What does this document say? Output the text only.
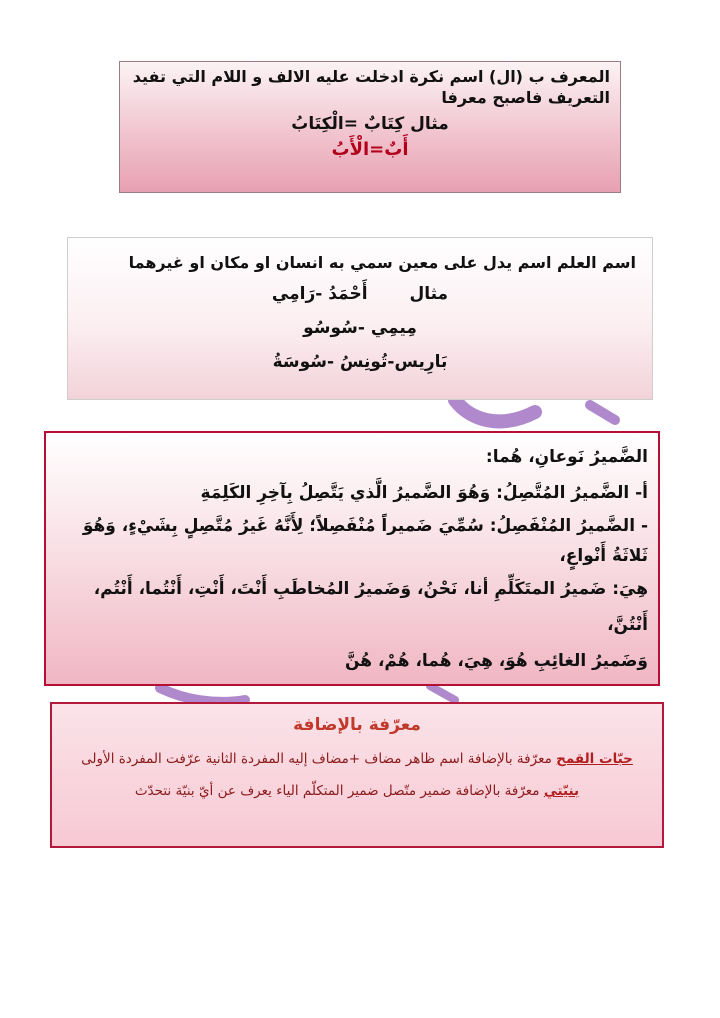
المعرف ب (ال) اسم نكرة ادخلت عليه الالف و اللام التي تفيد
التعريف فاصبح معرفا
مثال كِتَابٌ =الْكِتَابُ
أَبٌ=الْأَبُ
اسم العلم اسم يدل على معين سمي به انسان او مكان او غيرهما
مثال أَحْمَدُ -رَامِي
مِيمِي -سُوسُو
بَارِيس-تُونِسُ -سُوسَةُ
الضَّميرُ نَوعانِ، هُما:
أ- الضَّميرُ المُتَّصِلُ: وَهُوَ الضَّميرُ الَّذي يَتَّصِلُ بِآخِرِ الكَلِمَةِ
- الضَّميرُ المُنْفَصِلُ: سُمِّيَ ضَميراً مُنْفَصِلاً؛ لِأَنَّهُ غَيرُ مُتَّصِلٍ بِشَيْءٍ، وَهُوَ ثَلاثَةُ أَنْواعٍ،
هِيَ: ضَميرُ المتَكَلِّمِ أنا، نَحْنُ، وَضَميرُ المُخاطَبِ أَنْتَ، أَنْتِ، أَنْتُما، أَنْتُم، أَنْتُنَّ،
وَضَميرُ الغائِبِ هُوَ، هِيَ، هُما، هُمْ، هُنَّ
معرّفة بالإضافة
حبّات القمح معرّفة بالإضافة اسم ظاهر مضاف +مضاف إليه المفردة الثانية عرّفت المفردة الأولى
بنيّتي معرّفة بالإضافة ضمير متّصل ضمير المتكلّم الياء يعرف عن أيّ بنيّة نتحدّث
